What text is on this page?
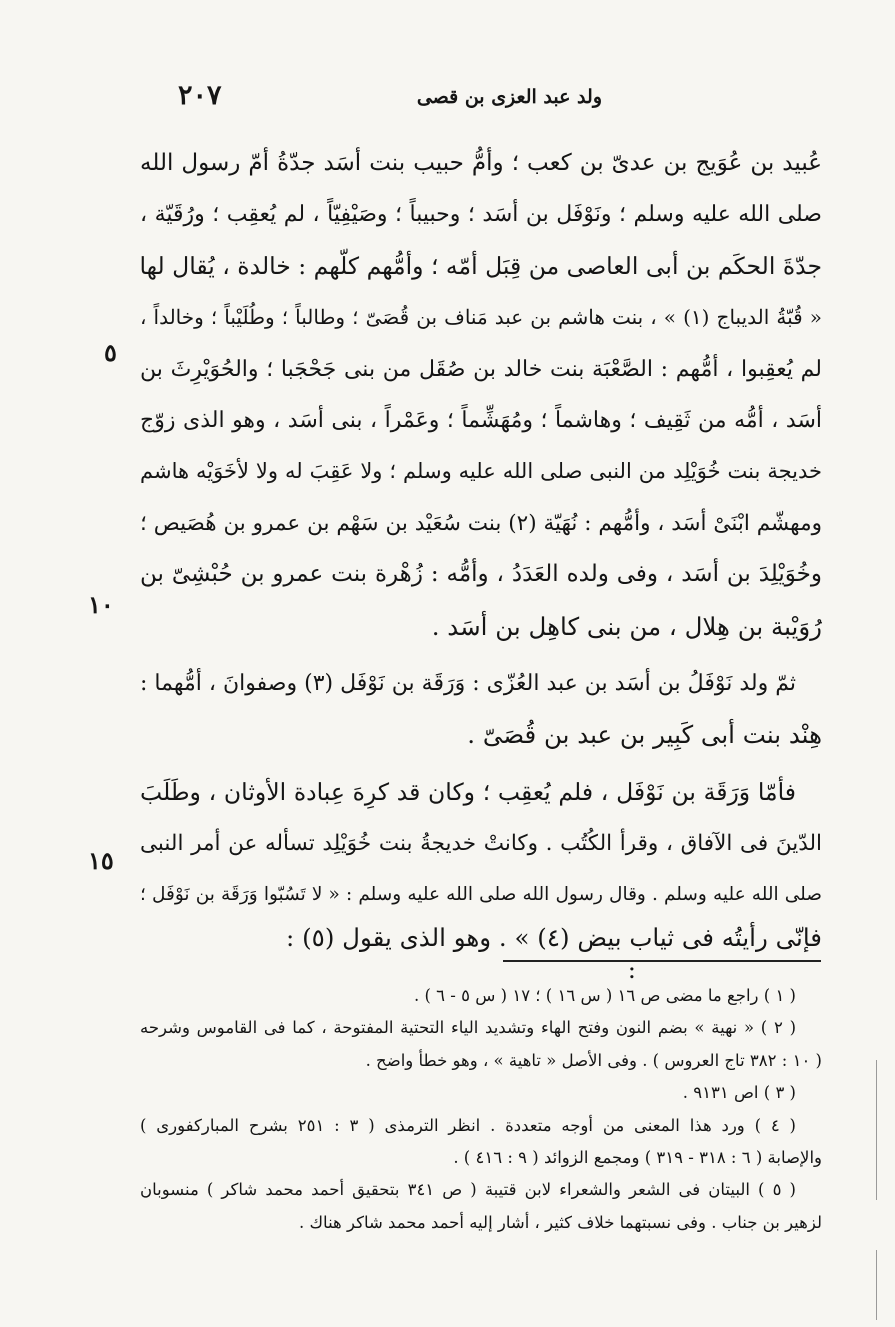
ولد عبد العزى بن قصى
٢٠٧
عُبيد بن عُوَيج بن عدىّ بن كعب ؛ وأمُّ حبيب بنت أسَد جدّةُ أمّ رسول الله
صلى الله عليه وسلم ؛ ونَوْفَل بن أسَد ؛ وحبيباً ؛ وصَيْفِيّاً ، لم يُعقِب ؛ ورُقَيّة ،
جدّةَ الحكَم بن أبى العاصى من قِبَل أمّه ؛ وأمُّهم كلّهم : خالدة ، يُقال لها
« قُبّةُ الديباج (١) » ، بنت هاشم بن عبد مَناف بن قُصَىّ ؛ وطالباً ؛ وطُلَيْباً ؛ وخالداً ،
لم يُعقِبوا ، أمُّهم : الصَّعْبَة بنت خالد بن صُقَل من بنى جَحْجَبا ؛ والحُوَيْرِثَ بن
أسَد ، أمُّه من ثَقِيف ؛ وهاشماً ؛ ومُهَشِّماً ؛ وعَمْراً ، بنى أسَد ، وهو الذى زوّج
خديجة بنت خُوَيْلِد من النبى صلى الله عليه وسلم ؛ ولا عَقِبَ له ولا لأخَوَيْه هاشم
ومهشّم ابْنَىْ أسَد ، وأمُّهم : نُهَيّة (٢) بنت سُعَيْد بن سَهْم بن عمرو بن هُصَيص ؛
وخُوَيْلِدَ بن أسَد ، وفى ولده العَدَدُ ، وأمُّه : زُهْرة بنت عمرو بن حُبْشِىّ بن
رُوَيْبة بن هِلال ، من بنى كاهِل بن أسَد .
ثمّ ولد نَوْفَلُ بن أسَد بن عبد العُزّى : وَرَقَة بن نَوْفَل (٣) وصفوانَ ، أمُّهما :
هِنْد بنت أبى كَبِير بن عبد بن قُصَىّ .
فأمّا وَرَقَة بن نَوْفَل ، فلم يُعقِب ؛ وكان قد كرِهَ عِبادة الأوثان ، وطَلَبَ
الدّينَ فى الآفاق ، وقرأ الكُتُب . وكانتْ خديجةُ بنت خُوَيْلِد تسأله عن أمر النبى
صلى الله عليه وسلم . وقال رسول الله صلى الله عليه وسلم : « لا تَسُبّوا وَرَقَة بن نَوْفَل ؛
فإنّى رأيتُه فى ثياب بيض (٤) » . وهو الذى يقول (٥) :
:
٥
١٠
١٥
( ١ ) راجع ما مضى ص ١٦ ( س ١٦ ) ؛ ١٧ ( س ٥ - ٦ ) .
( ٢ ) « نهية » بضم النون وفتح الهاء وتشديد الياء التحتية المفتوحة ، كما فى القاموس وشرحه
( ١٠ : ٣٨٢ تاج العروس ) . وفى الأصل « تاهية » ، وهو خطأ واضح .
( ٣ ) اص ٩١٣١ .
( ٤ ) ورد هذا المعنى من أوجه متعددة . انظر الترمذى ( ٣ : ٢٥١ بشرح المباركفورى )
والإصابة ( ٦ : ٣١٨ - ٣١٩ ) ومجمع الزوائد ( ٩ : ٤١٦ ) .
( ٥ ) البيتان فى الشعر والشعراء لابن قتيبة ( ص ٣٤١ بتحقيق أحمد محمد شاكر ) منسوبان
لزهير بن جناب . وفى نسبتهما خلاف كثير ، أشار إليه أحمد محمد شاكر هناك .
